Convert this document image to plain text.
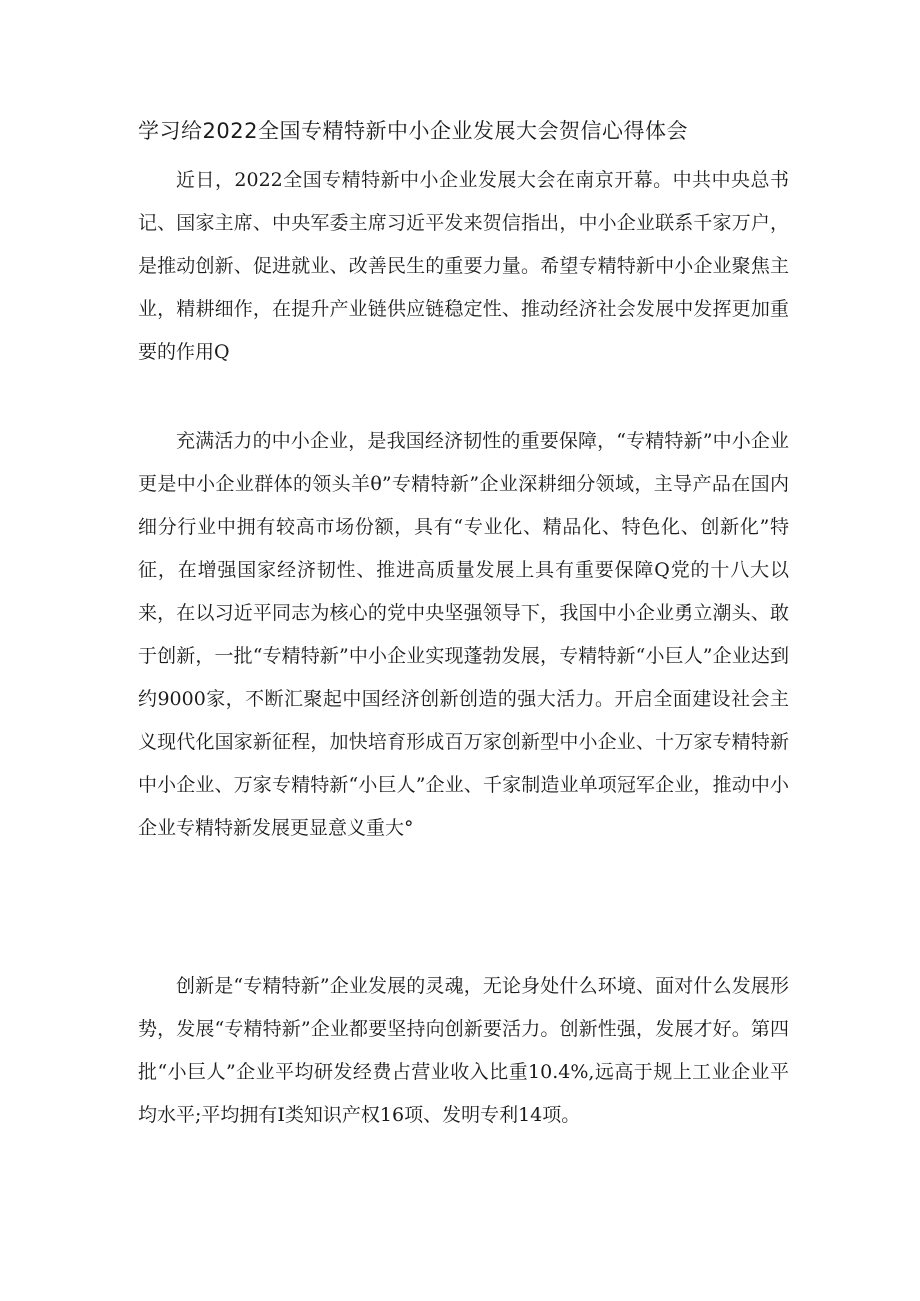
学习给2022全国专精特新中小企业发展大会贺信心得体会

近日，2022全国专精特新中小企业发展大会在南京开幕。中共中央总书记、国家主席、中央军委主席习近平发来贺信指出，中小企业联系千家万户，是推动创新、促进就业、改善民生的重要力量。希望专精特新中小企业聚焦主业，精耕细作，在提升产业链供应链稳定性、推动经济社会发展中发挥更加重要的作用Q

充满活力的中小企业，是我国经济韧性的重要保障，“专精特新”中小企业更是中小企业群体的领头羊θ”专精特新”企业深耕细分领域，主导产品在国内细分行业中拥有较高市场份额，具有“专业化、精品化、特色化、创新化”特征，在增强国家经济韧性、推进高质量发展上具有重要保障Q党的十八大以来，在以习近平同志为核心的党中央坚强领导下，我国中小企业勇立潮头、敢于创新，一批“专精特新”中小企业实现蓬勃发展，专精特新“小巨人”企业达到约9000家，不断汇聚起中国经济创新创造的强大活力。开启全面建设社会主义现代化国家新征程，加快培育形成百万家创新型中小企业、十万家专精特新中小企业、万家专精特新“小巨人”企业、千家制造业单项冠军企业，推动中小企业专精特新发展更显意义重大°

创新是“专精特新”企业发展的灵魂，无论身处什么环境、面对什么发展形势，发展“专精特新”企业都要坚持向创新要活力。创新性强，发展才好。第四批“小巨人”企业平均研发经费占营业收入比重10.4%,远高于规上工业企业平均水平;平均拥有I类知识产权16项、发明专利14项。
